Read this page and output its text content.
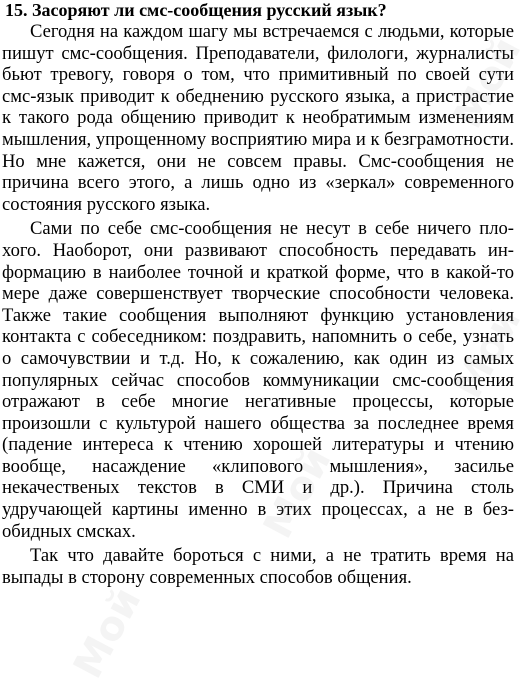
15. Засоряют ли смс-сообщения русский язык?

Сегодня на каждом шагу мы встречаемся с людьми, которые пишут смс-сообщения. Преподаватели, филологи, журналисты бьют тревогу, говоря о том, что примитивный по своей сути смс-язык приводит к обеднению русского языка, а пристрастие к такого рода общению приводит к необратимым изменениям мышления, упрощенному восприятию мира и к безграмотности. Но мне кажется, они не совсем правы. Смс-сообщения не причина всего этого, а лишь одно из «зеркал» современного состояния русского языка.

Сами по себе смс-сообщения не несут в себе ничего плохого. Наоборот, они развивают способность передавать информацию в наиболее точной и краткой форме, что в какой-то мере даже совершенствует творческие способности человека. Также такие сообщения выполняют функцию установления контакта с собеседником: поздравить, напомнить о себе, узнать о самочувствии и т.д. Но, к сожалению, как один из самых популярных сейчас способов коммуникации смс-сообщения отражают в себе многие негативные процессы, которые произошли с культурой нашего общества за последнее время (падение интереса к чтению хорошей литературы и чтению вообще, насаждение «клипового мышления», засилье некачественых текстов в СМИ и др.). Причина столь удручающей картины именно в этих процессах, а не в безобидных смсках.

Так что давайте бороться с ними, а не тратить время на выпады в сторону современных способов общения.

Мой
Мой
Мой
Мой
